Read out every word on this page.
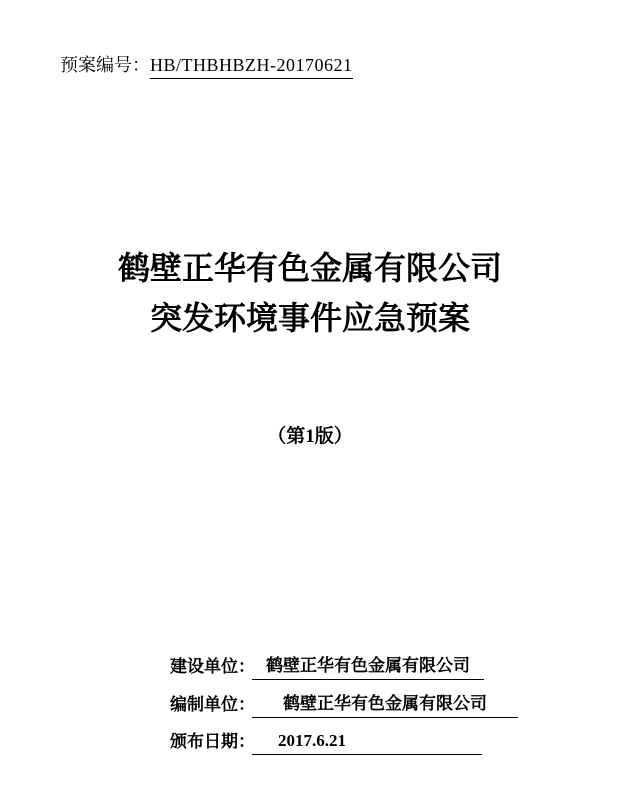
预案编号：HB/THBHBZH-20170621
鹤壁正华有色金属有限公司
突发环境事件应急预案
（第1版）
建设单位： 鹤壁正华有色金属有限公司
编制单位： 鹤壁正华有色金属有限公司
颁布日期： 2017.6.21
